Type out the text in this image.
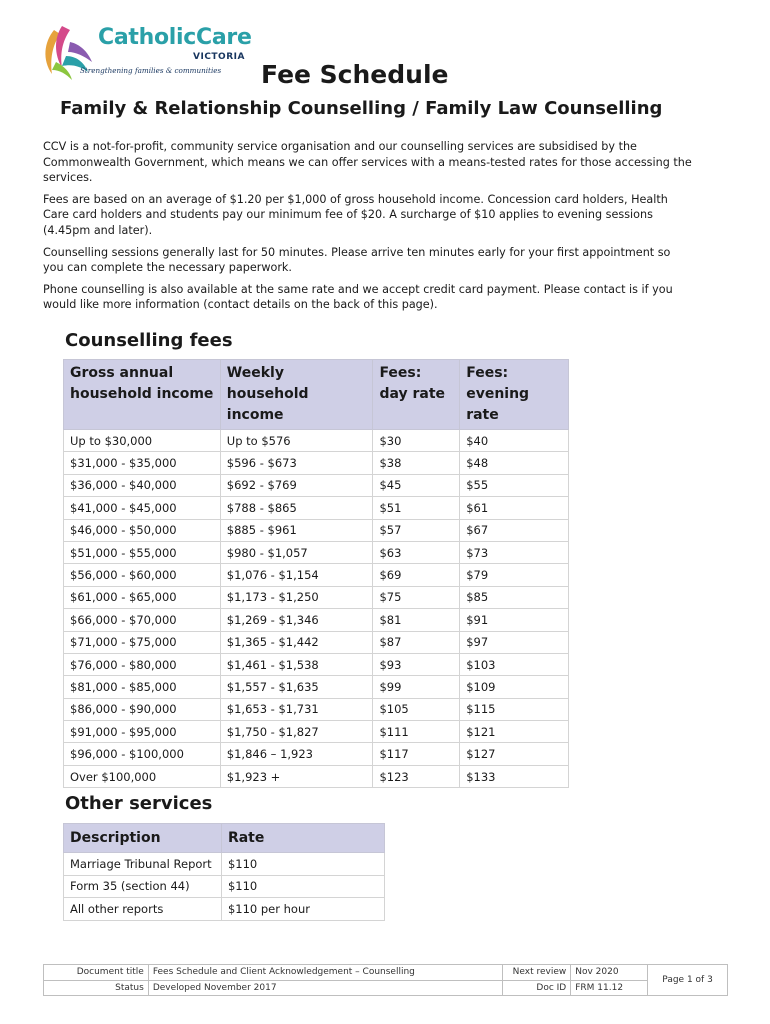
CatholicCare
VICTORIA
Strengthening families & communities Fee Schedule
Family & Relationship Counselling / Family Law Counselling

CCV is a not-for-profit, community service organisation and our counselling services are subsidised by the Commonwealth Government, which means we can offer services with a means-tested rates for those accessing the services.

Fees are based on an average of $1.20 per $1,000 of gross household income. Concession card holders, Health Care card holders and students pay our minimum fee of $20. A surcharge of $10 applies to evening sessions (4.45pm and later).

Counselling sessions generally last for 50 minutes. Please arrive ten minutes early for your first appointment so you can complete the necessary paperwork.

Phone counselling is also available at the same rate and we accept credit card payment. Please contact is if you would like more information (contact details on the back of this page).

Counselling fees
Gross annual household income	Weekly household income	Fees: day rate	Fees: evening rate
Up to $30,000	Up to $576	$30	$40
$31,000 - $35,000	$596 - $673	$38	$48
$36,000 - $40,000	$692 - $769	$45	$55
$41,000 - $45,000	$788 - $865	$51	$61
$46,000 - $50,000	$885 - $961	$57	$67
$51,000 - $55,000	$980 - $1,057	$63	$73
$56,000 - $60,000	$1,076 - $1,154	$69	$79
$61,000 - $65,000	$1,173 - $1,250	$75	$85
$66,000 - $70,000	$1,269 - $1,346	$81	$91
$71,000 - $75,000	$1,365 - $1,442	$87	$97
$76,000 - $80,000	$1,461 - $1,538	$93	$103
$81,000 - $85,000	$1,557 - $1,635	$99	$109
$86,000 - $90,000	$1,653 - $1,731	$105	$115
$91,000 - $95,000	$1,750 - $1,827	$111	$121
$96,000 - $100,000	$1,846 – 1,923	$117	$127
Over $100,000	$1,923 +	$123	$133
Other services
Description	Rate
Marriage Tribunal Report	$110
Form 35 (section 44)	$110
All other reports	$110 per hour
Document title	Fees Schedule and Client Acknowledgement – Counselling	Next review	Nov 2020	Page 1 of 3
Status	Developed November 2017	Doc ID	FRM 11.12	
